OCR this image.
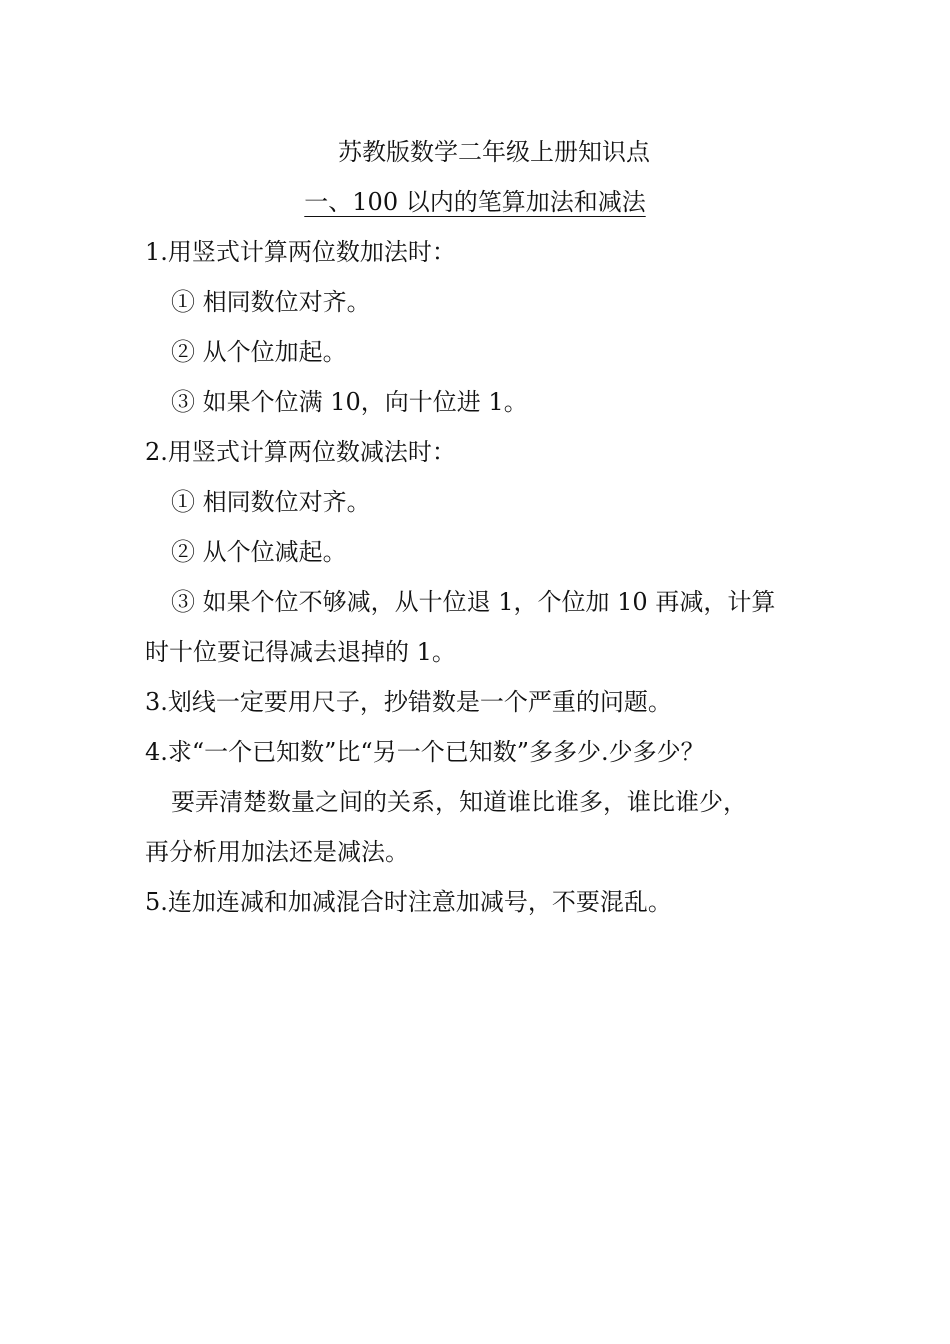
苏教版数学二年级上册知识点
一、100 以内的笔算加法和减法
1.用竖式计算两位数加法时：
① 相同数位对齐。
② 从个位加起。
③ 如果个位满 10，向十位进 1。
2.用竖式计算两位数减法时：
① 相同数位对齐。
② 从个位减起。
③ 如果个位不够减，从十位退 1，个位加 10 再减，计算
时十位要记得减去退掉的 1。
3.划线一定要用尺子，抄错数是一个严重的问题。
4.求“一个已知数”比“另一个已知数”多多少.少多少？
要弄清楚数量之间的关系，知道谁比谁多，谁比谁少，
再分析用加法还是减法。
5.连加连减和加减混合时注意加减号，不要混乱。
